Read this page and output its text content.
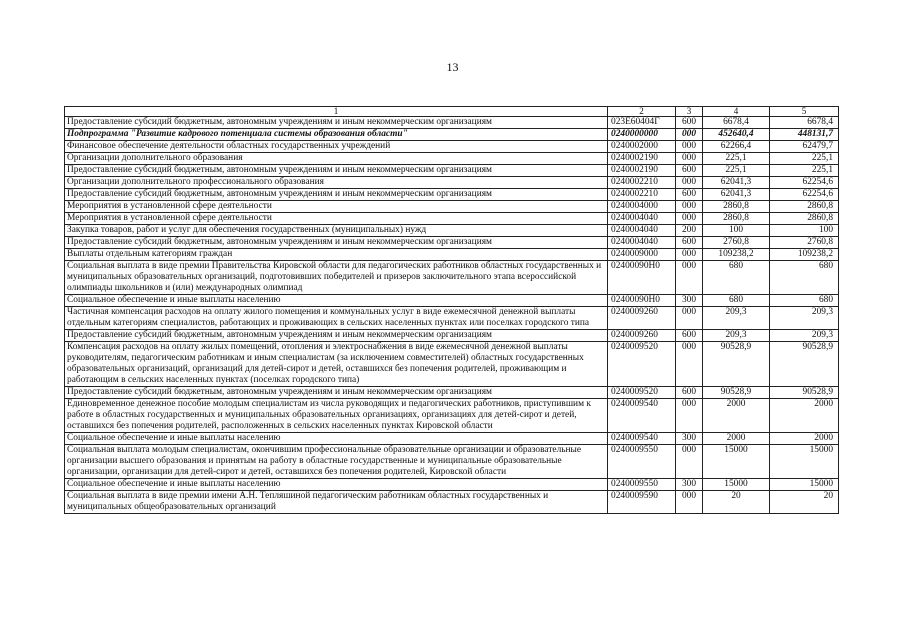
13
1	2	3	4	5
Предоставление субсидий бюджетным, автономным учреждениям и иным некоммерческим организациям	023E60404Г	600	6678,4	6678,4
Подпрограмма "Развитие кадрового потенциала системы образования области"	0240000000	000	452640,4	448131,7
Финансовое обеспечение деятельности областных государственных учреждений	0240002000	000	62266,4	62479,7
Организации дополнительного образования	0240002190	000	225,1	225,1
Предоставление субсидий бюджетным, автономным учреждениям и иным некоммерческим организациям	0240002190	600	225,1	225,1
Организации дополнительного профессионального образования	0240002210	000	62041,3	62254,6
Предоставление субсидий бюджетным, автономным учреждениям и иным некоммерческим организациям	0240002210	600	62041,3	62254,6
Мероприятия в установленной сфере деятельности	0240004000	000	2860,8	2860,8
Мероприятия в установленной сфере деятельности	0240004040	000	2860,8	2860,8
Закупка товаров, работ и услуг для обеспечения государственных (муниципальных) нужд	0240004040	200	100	100
Предоставление субсидий бюджетным, автономным учреждениям и иным некоммерческим организациям	0240004040	600	2760,8	2760,8
Выплаты отдельным категориям граждан	0240009000	000	109238,2	109238,2
Социальная выплата в виде премии Правительства Кировской области для педагогических работников областных государственных и муниципальных образовательных организаций, подготовивших победителей и призеров заключительного этапа всероссийской олимпиады школьников и (или) международных олимпиад	02400090Н0	000	680	680
Социальное обеспечение и иные выплаты населению	02400090Н0	300	680	680
Частичная компенсация расходов на оплату жилого помещения и коммунальных услуг в виде ежемесячной денежной выплаты отдельным категориям специалистов, работающих и проживающих в сельских населенных пунктах или поселках городского типа	0240009260	000	209,3	209,3
Предоставление субсидий бюджетным, автономным учреждениям и иным некоммерческим организациям	0240009260	600	209,3	209,3
Компенсация расходов на оплату жилых помещений, отопления и электроснабжения в виде ежемесячной денежной выплаты руководителям, педагогическим работникам и иным специалистам (за исключением совместителей) областных государственных образовательных организаций, организаций для детей-сирот и детей, оставшихся без попечения родителей, проживающим и работающим в сельских населенных пунктах (поселках городского типа)	0240009520	000	90528,9	90528,9
Предоставление субсидий бюджетным, автономным учреждениям и иным некоммерческим организациям	0240009520	600	90528,9	90528,9
Единовременное денежное пособие молодым специалистам из числа руководящих и педагогических работников, приступившим к работе в областных государственных и муниципальных образовательных организациях, организациях для детей-сирот и детей, оставшихся без попечения родителей, расположенных в сельских населенных пунктах Кировской области	0240009540	000	2000	2000
Социальное обеспечение и иные выплаты населению	0240009540	300	2000	2000
Социальная выплата молодым специалистам, окончившим профессиональные образовательные организации и образовательные организации высшего образования и принятым на работу в областные государственные и муниципальные образовательные организации, организации для детей-сирот и детей, оставшихся без попечения родителей, Кировской области	0240009550	000	15000	15000
Социальное обеспечение и иные выплаты населению	0240009550	300	15000	15000
Социальная выплата в виде премии имени А.Н. Тепляшиной педагогическим работникам областных государственных и муниципальных общеобразовательных организаций	0240009590	000	20	20
